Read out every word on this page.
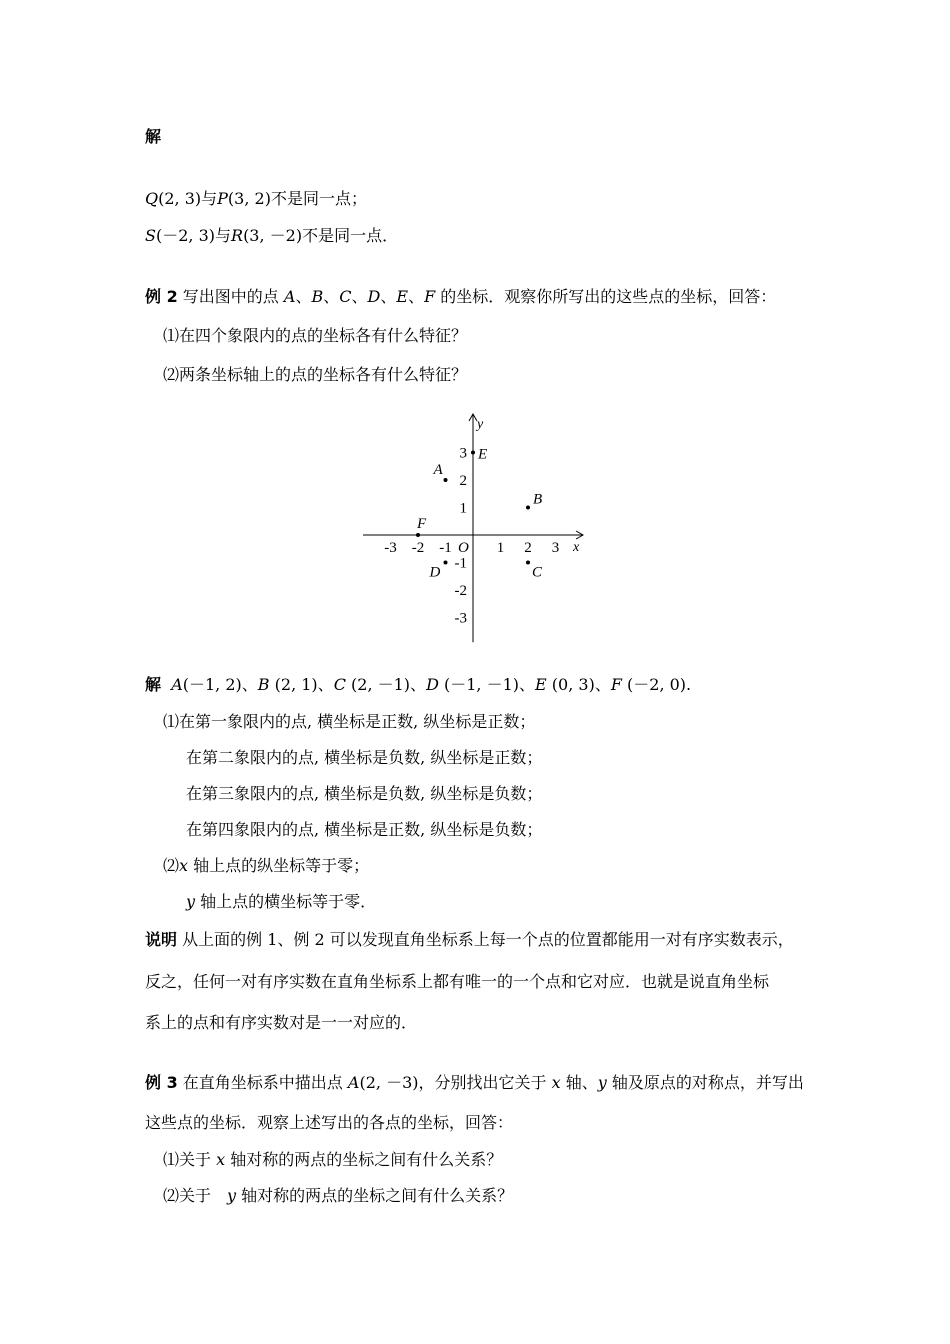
解
Q(2, 3)与P(3, 2)不是同一点；
S(－2, 3)与R(3, －2)不是同一点．
例 2 写出图中的点 A、B、C、D、E、F 的坐标．观察你所写出的这些点的坐标，回答：
⑴在四个象限内的点的坐标各有什么特征？
⑵两条坐标轴上的点的坐标各有什么特征？
x
y
O
-3 -2 -1	1 2 3
-3
-2
-1
1
2
3
A
B
C
D
E
F
解 A(－1, 2)、B (2, 1)、C (2, －1)、D (－1, －1)、E (0, 3)、F (－2, 0).
⑴在第一象限内的点, 横坐标是正数, 纵坐标是正数；
在第二象限内的点, 横坐标是负数, 纵坐标是正数；
在第三象限内的点, 横坐标是负数, 纵坐标是负数；
在第四象限内的点, 横坐标是正数, 纵坐标是负数；
⑵x 轴上点的纵坐标等于零；
y 轴上点的横坐标等于零．
说明 从上面的例 1、例 2 可以发现直角坐标系上每一个点的位置都能用一对有序实数表示，
反之，任何一对有序实数在直角坐标系上都有唯一的一个点和它对应．也就是说直角坐标
系上的点和有序实数对是一一对应的．
例 3 在直角坐标系中描出点 A(2, －3)，分别找出它关于 x 轴、y 轴及原点的对称点，并写出
这些点的坐标．观察上述写出的各点的坐标，回答：
⑴关于 x 轴对称的两点的坐标之间有什么关系？
⑵关于　y 轴对称的两点的坐标之间有什么关系？
